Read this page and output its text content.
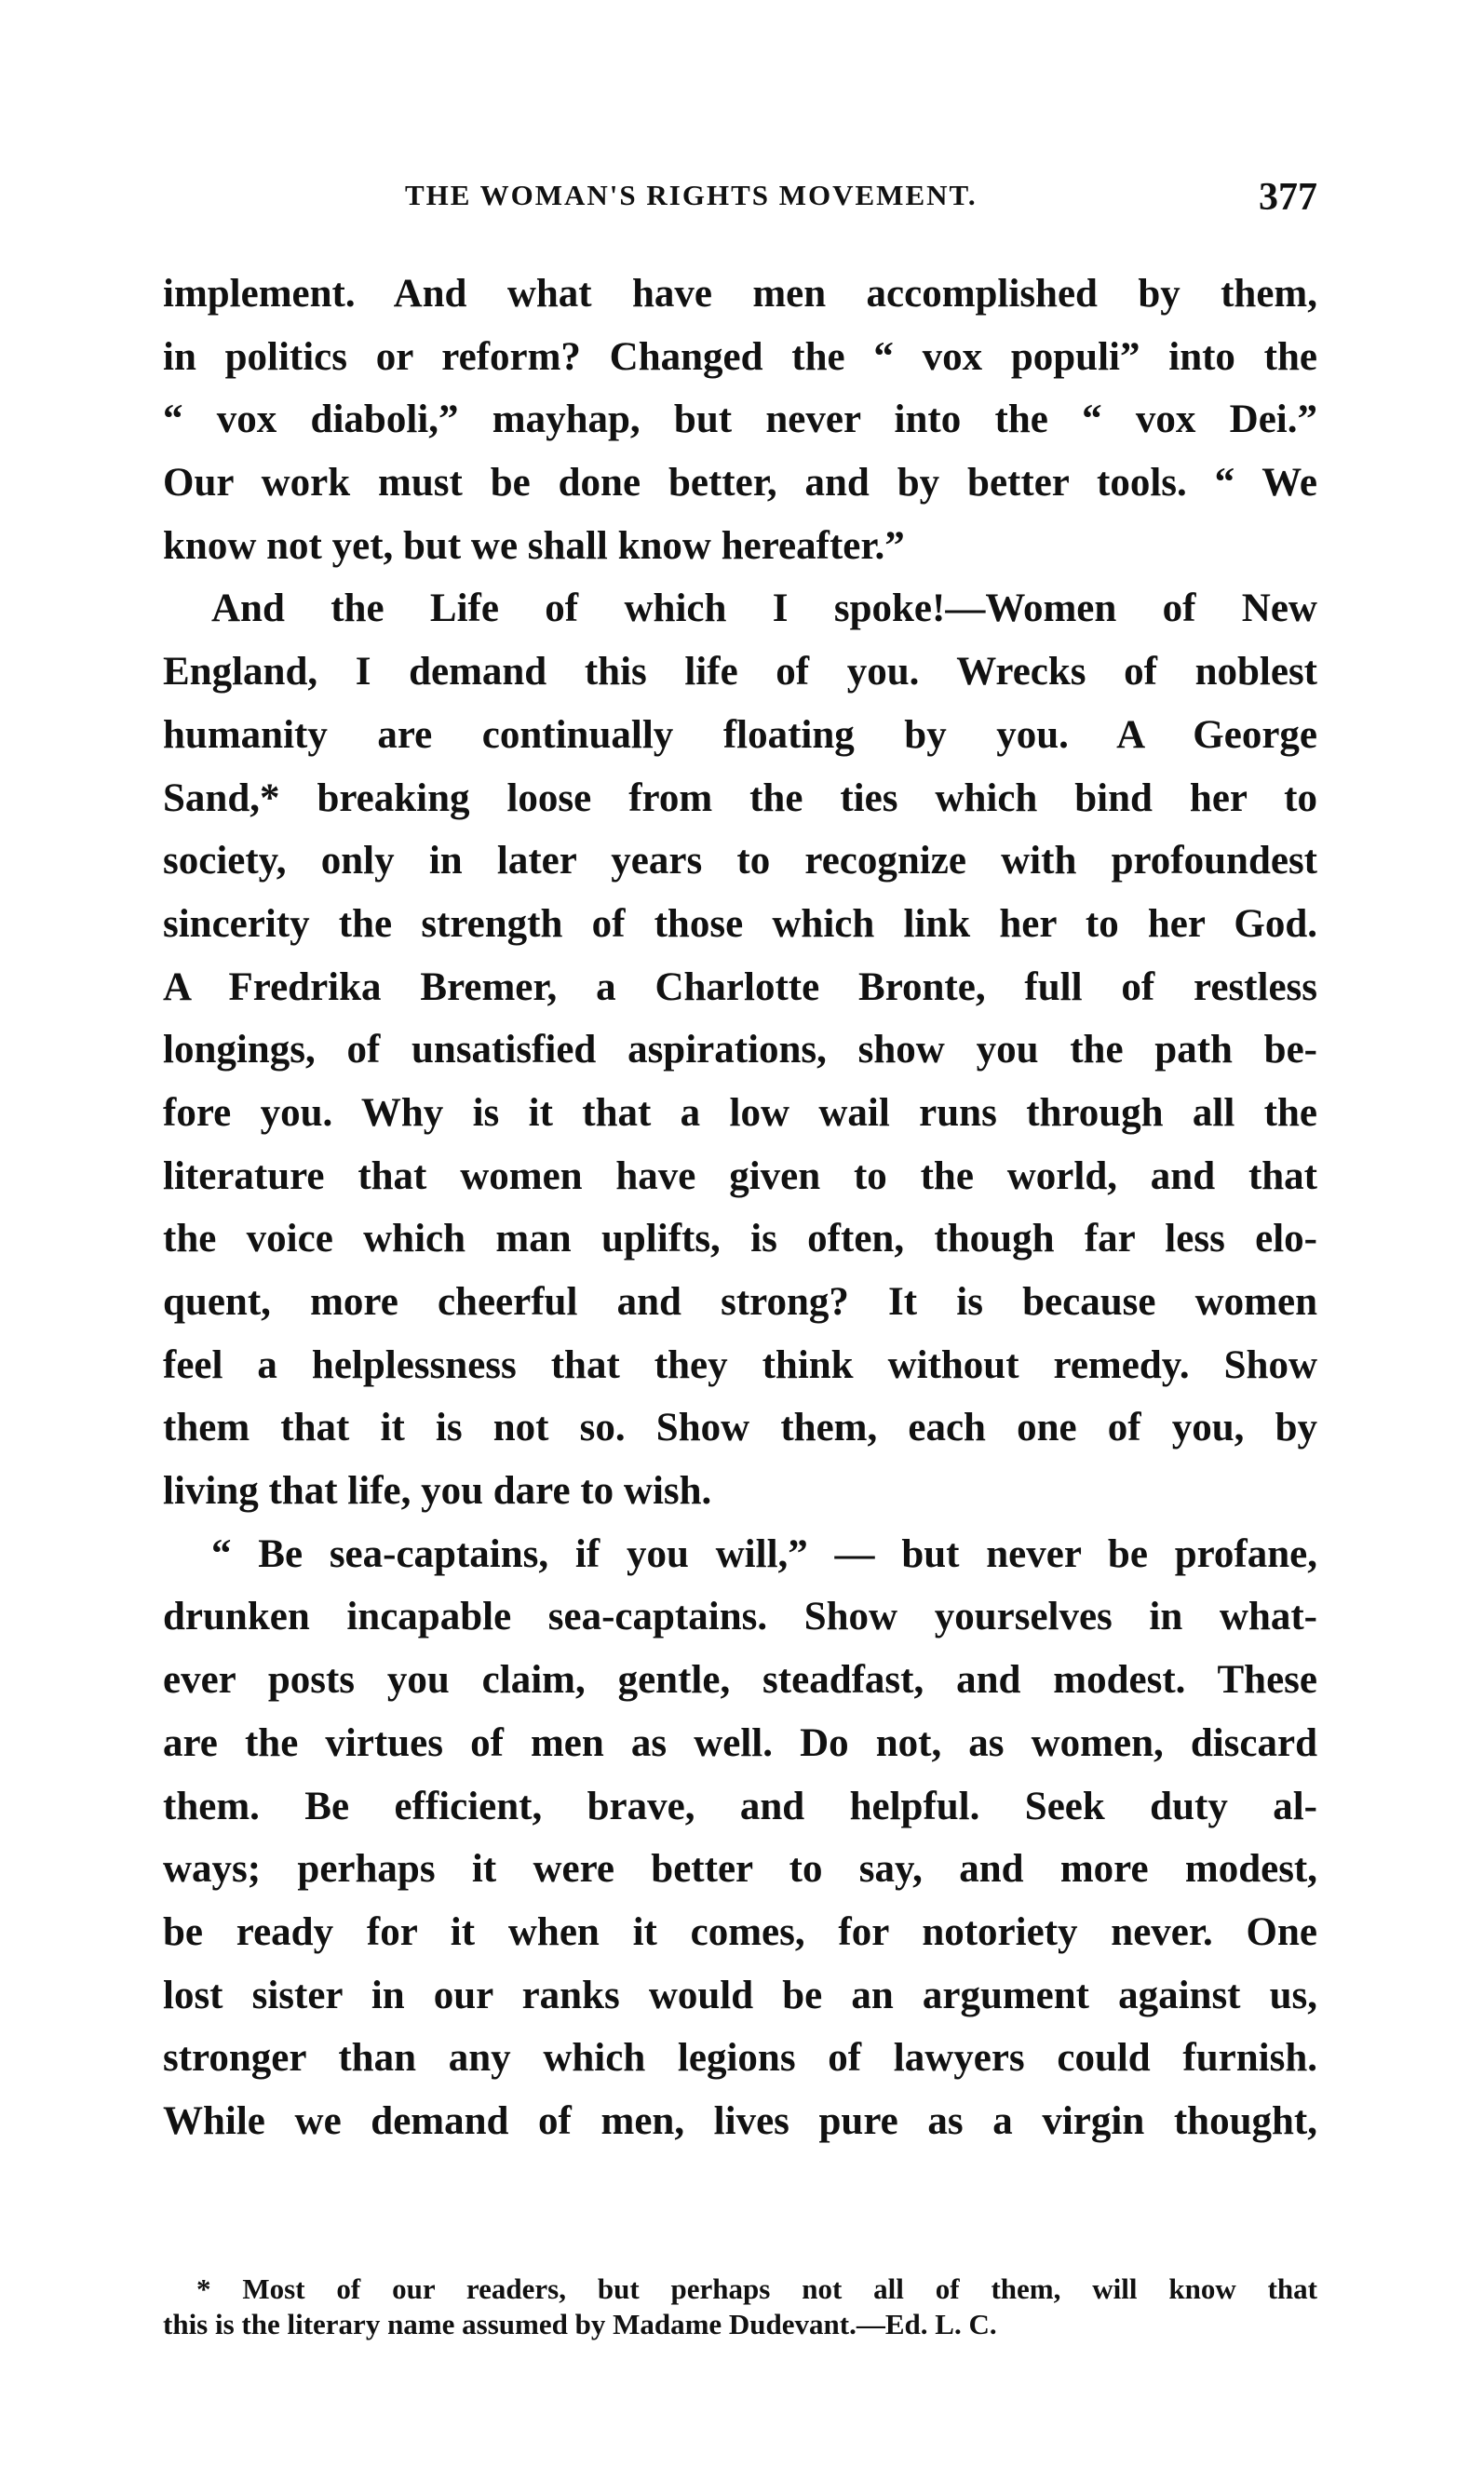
THE WOMAN'S RIGHTS MOVEMENT.	377
implement. And what have men accomplished by them,
in politics or reform? Changed the “ vox populi” into the
“ vox diaboli,” mayhap, but never into the “ vox Dei.”
Our work must be done better, and by better tools. “ We
know not yet, but we shall know hereafter.”
And the Life of which I spoke!—Women of New
England, I demand this life of you. Wrecks of noblest
humanity are continually floating by you. A George
Sand,* breaking loose from the ties which bind her to
society, only in later years to recognize with profoundest
sincerity the strength of those which link her to her God.
A Fredrika Bremer, a Charlotte Bronte, full of restless
longings, of unsatisfied aspirations, show you the path be-
fore you. Why is it that a low wail runs through all the
literature that women have given to the world, and that
the voice which man uplifts, is often, though far less elo-
quent, more cheerful and strong? It is because women
feel a helplessness that they think without remedy. Show
them that it is not so. Show them, each one of you, by
living that life, you dare to wish.
“ Be sea-captains, if you will,” — but never be profane,
drunken incapable sea-captains. Show yourselves in what-
ever posts you claim, gentle, steadfast, and modest. These
are the virtues of men as well. Do not, as women, discard
them. Be efficient, brave, and helpful. Seek duty al-
ways; perhaps it were better to say, and more modest,
be ready for it when it comes, for notoriety never. One
lost sister in our ranks would be an argument against us,
stronger than any which legions of lawyers could furnish.
While we demand of men, lives pure as a virgin thought,
* Most of our readers, but perhaps not all of them, will know that
this is the literary name assumed by Madame Dudevant.—Ed. L. C.
